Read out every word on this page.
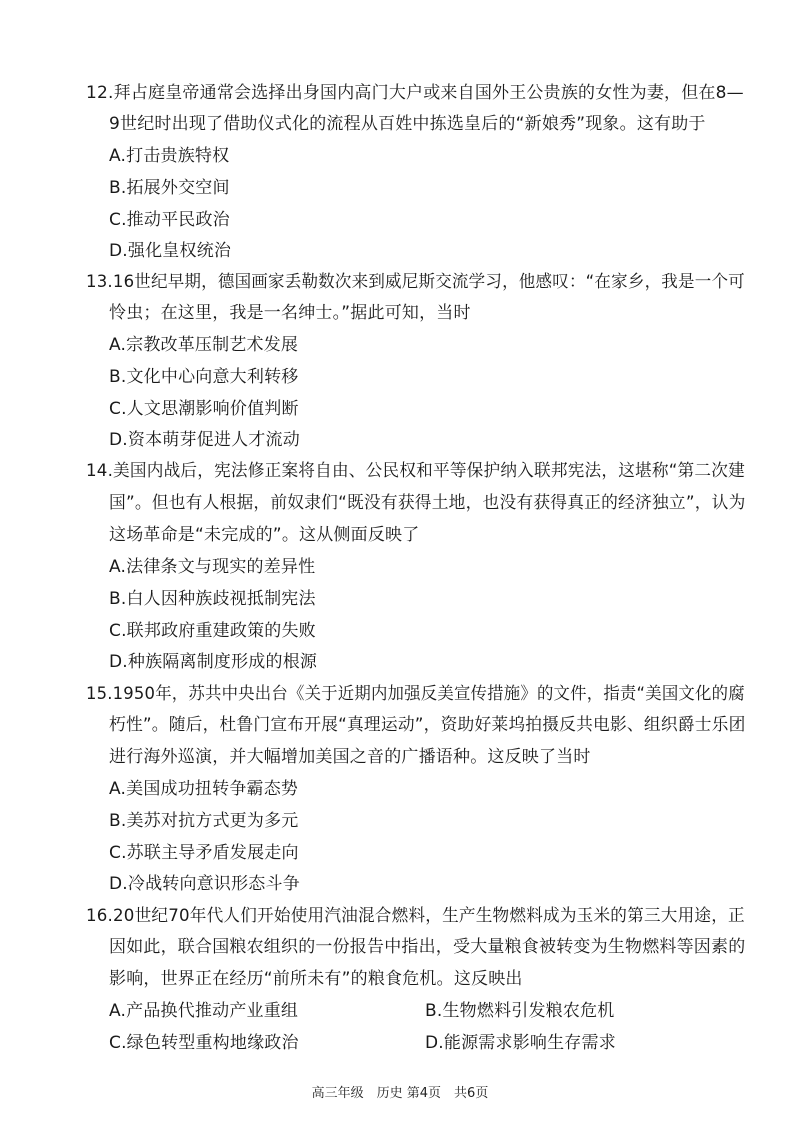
12.拜占庭皇帝通常会选择出身国内高门大户或来自国外王公贵族的女性为妻，但在8—
9世纪时出现了借助仪式化的流程从百姓中拣选皇后的“新娘秀”现象。这有助于
A.打击贵族特权
B.拓展外交空间
C.推动平民政治
D.强化皇权统治
13.16世纪早期，德国画家丢勒数次来到威尼斯交流学习，他感叹：“在家乡，我是一个可
怜虫；在这里，我是一名绅士。”据此可知，当时
A.宗教改革压制艺术发展
B.文化中心向意大利转移
C.人文思潮影响价值判断
D.资本萌芽促进人才流动
14.美国内战后，宪法修正案将自由、公民权和平等保护纳入联邦宪法，这堪称“第二次建
国”。但也有人根据，前奴隶们“既没有获得土地，也没有获得真正的经济独立”，认为
这场革命是“未完成的”。这从侧面反映了
A.法律条文与现实的差异性
B.白人因种族歧视抵制宪法
C.联邦政府重建政策的失败
D.种族隔离制度形成的根源
15.1950年，苏共中央出台《关于近期内加强反美宣传措施》的文件，指责“美国文化的腐
朽性”。随后，杜鲁门宣布开展“真理运动”，资助好莱坞拍摄反共电影、组织爵士乐团
进行海外巡演，并大幅增加美国之音的广播语种。这反映了当时
A.美国成功扭转争霸态势
B.美苏对抗方式更为多元
C.苏联主导矛盾发展走向
D.冷战转向意识形态斗争
16.20世纪70年代人们开始使用汽油混合燃料，生产生物燃料成为玉米的第三大用途，正
因如此，联合国粮农组织的一份报告中指出，受大量粮食被转变为生物燃料等因素的
影响，世界正在经历“前所未有”的粮食危机。这反映出
A.产品换代推动产业重组	B.生物燃料引发粮农危机
C.绿色转型重构地缘政治	D.能源需求影响生存需求
高三年级　历史 第4页　共6页
